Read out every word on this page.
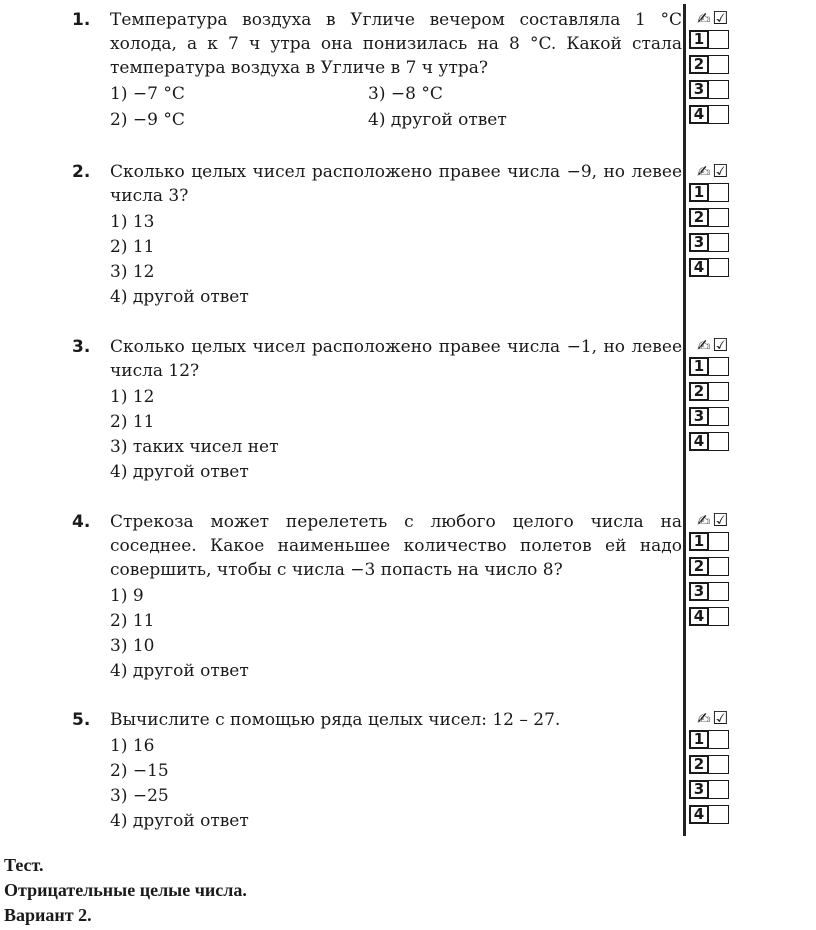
1.	Температура воздуха в Угличе вечером составляла 1 °C холода, а к 7 ч утра она понизилась на 8 °C. Какой стала температура воздуха в Угличе в 7 ч утра?
1) −7 °C	3) −8 °C
2) −9 °C	4) другой ответ
2.	Сколько целых чисел расположено правее числа −9, но левее числа 3?
1) 13
2) 11
3) 12
4) другой ответ
3.	Сколько целых чисел расположено правее числа −1, но левее числа 12?
1) 12
2) 11
3) таких чисел нет
4) другой ответ
4.	Стрекоза может перелететь с любого целого числа на соседнее. Какое наименьшее количество полетов ей надо совершить, чтобы с числа −3 попасть на число 8?
1) 9
2) 11
3) 10
4) другой ответ
5.	Вычислите с помощью ряда целых чисел: 12 – 27.
1) 16
2) −15
3) −25
4) другой ответ
✍ ☑
1
2
3
4
✍ ☑
1
2
3
4
✍ ☑
1
2
3
4
✍ ☑
1
2
3
4
✍ ☑
1
2
3
4
Тест.
Отрицательные целые числа.
Вариант 2.
